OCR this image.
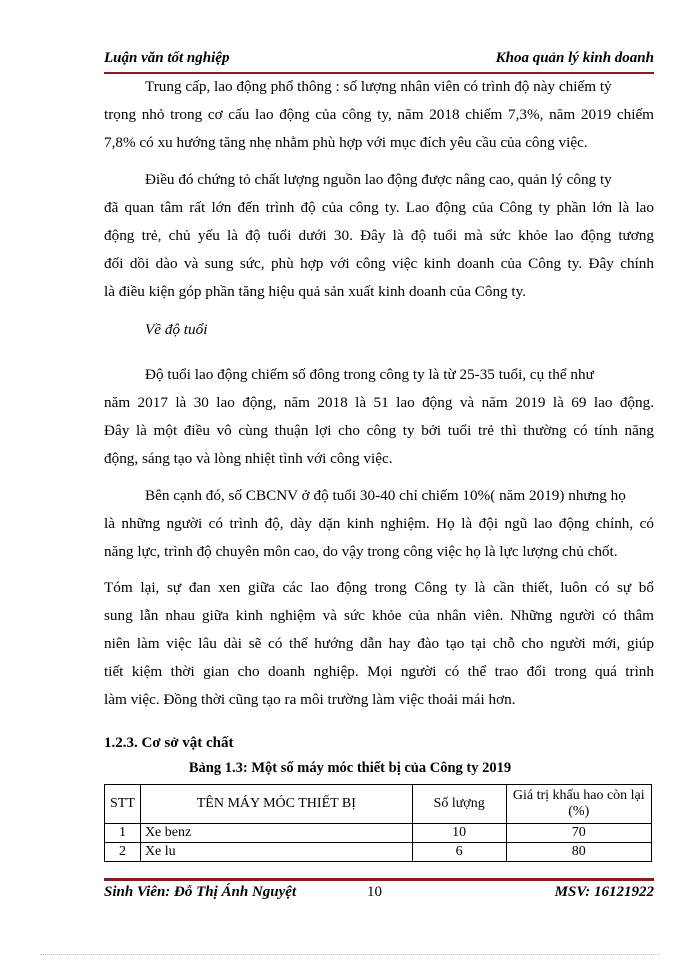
Luận văn tốt nghiệp	Khoa quản lý kinh doanh
Trung cấp, lao động phổ thông : số lượng nhân viên có trình độ này chiếm tỷ
trọng nhỏ trong cơ cấu lao động của công ty, năm 2018 chiếm 7,3%, năm 2019 chiếm
7,8% có xu hướng tăng nhẹ nhằm phù hợp với mục đích yêu cầu của công việc.
Điều đó chứng tỏ chất lượng nguồn lao động được nâng cao, quản lý công ty
đã quan tâm rất lớn đến trình độ của công ty. Lao động của Công ty phần lớn là lao
động trẻ, chủ yếu là độ tuổi dưới 30. Đây là độ tuổi mà sức khỏe lao động tương
đối dồi dào và sung sức, phù hợp với công việc kinh doanh của Công ty. Đây chính
là điều kiện góp phần tăng hiệu quả sản xuất kinh doanh của Công ty.
Về độ tuổi
Độ tuổi lao động chiếm số đông trong công ty là từ 25-35 tuổi, cụ thể như
năm 2017 là 30 lao động, năm 2018 là 51 lao động và năm 2019 là 69 lao động.
Đây là một điều vô cùng thuận lợi cho công ty bởi tuổi trẻ thì thường có tính năng
động, sáng tạo và lòng nhiệt tình với công việc.
Bên cạnh đó, số CBCNV ở độ tuổi 30-40 chỉ chiếm 10%( năm 2019) nhưng họ
là những người có trình độ, dày dặn kinh nghiệm. Họ là đội ngũ lao động chính, có
năng lực, trình độ chuyên môn cao, do vậy trong công việc họ là lực lượng chủ chốt.
Tóm lại, sự đan xen giữa các lao động trong Công ty là cần thiết, luôn có sự bổ
sung lẫn nhau giữa kinh nghiệm và sức khỏe của nhân viên. Những người có thâm
niên làm việc lâu dài sẽ có thể hướng dẫn hay đào tạo tại chỗ cho người mới, giúp
tiết kiệm thời gian cho doanh nghiệp. Mọi người có thể trao đổi trong quá trình
làm việc. Đồng thời cũng tạo ra môi trường làm việc thoải mái hơn.
1.2.3. Cơ sở vật chất
Bảng 1.3: Một số máy móc thiết bị của Công ty 2019
STT	TÊN MÁY MÓC THIẾT BỊ	Số lượng	Giá trị khấu hao còn lại (%)
1	Xe benz	10	70
2	Xe lu	6	80
Sinh Viên: Đỗ Thị Ánh Nguyệt	10	MSV: 16121922
